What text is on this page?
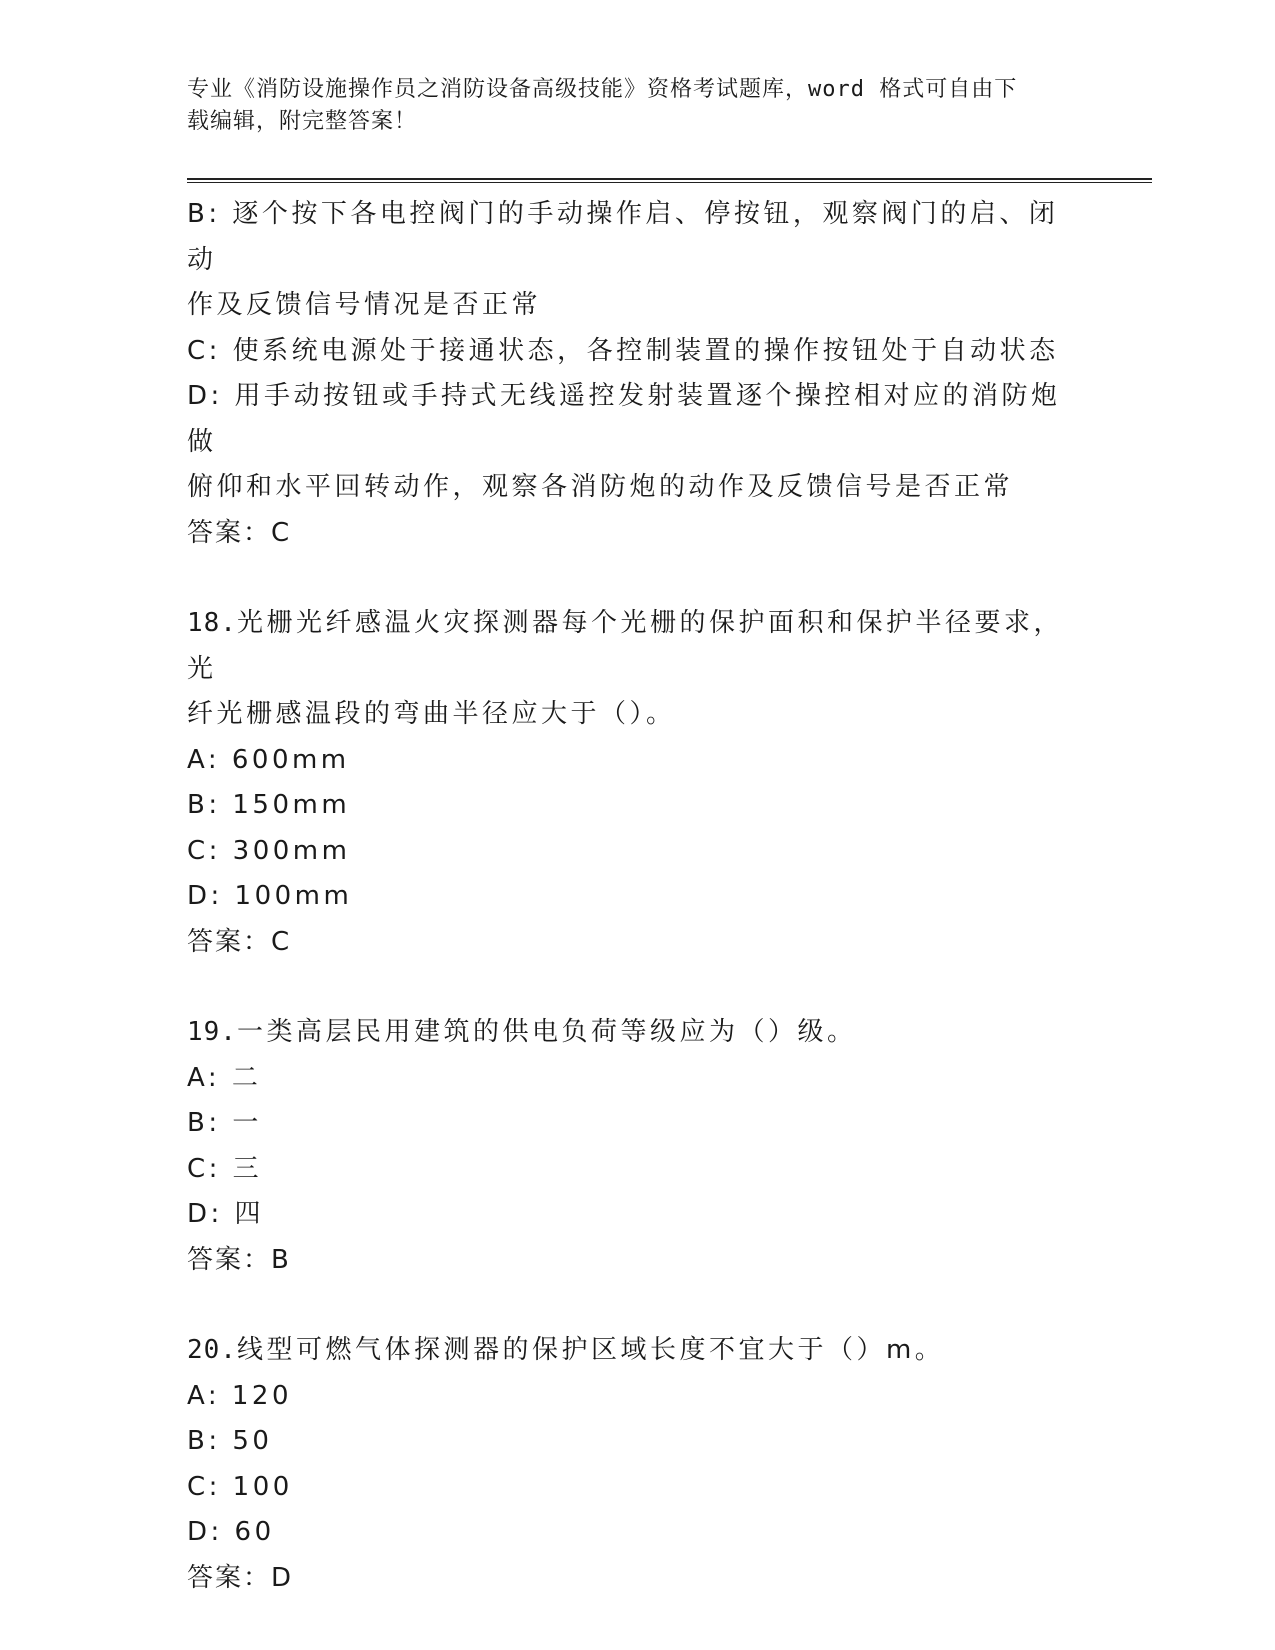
专业《消防设施操作员之消防设备高级技能》资格考试题库，word 格式可自由下
载编辑，附完整答案！
B: 逐个按下各电控阀门的手动操作启、停按钮，观察阀门的启、闭动
作及反馈信号情况是否正常
C: 使系统电源处于接通状态，各控制装置的操作按钮处于自动状态
D: 用手动按钮或手持式无线遥控发射装置逐个操控相对应的消防炮做
俯仰和水平回转动作，观察各消防炮的动作及反馈信号是否正常
答案：C
18.光栅光纤感温火灾探测器每个光栅的保护面积和保护半径要求，光
纤光栅感温段的弯曲半径应大于（）。
A: 600mm
B: 150mm
C: 300mm
D: 100mm
答案：C
19.一类高层民用建筑的供电负荷等级应为（）级。
A: 二
B: 一
C: 三
D: 四
答案：B
20.线型可燃气体探测器的保护区域长度不宜大于（）m。
A: 120
B: 50
C: 100
D: 60
答案：D
